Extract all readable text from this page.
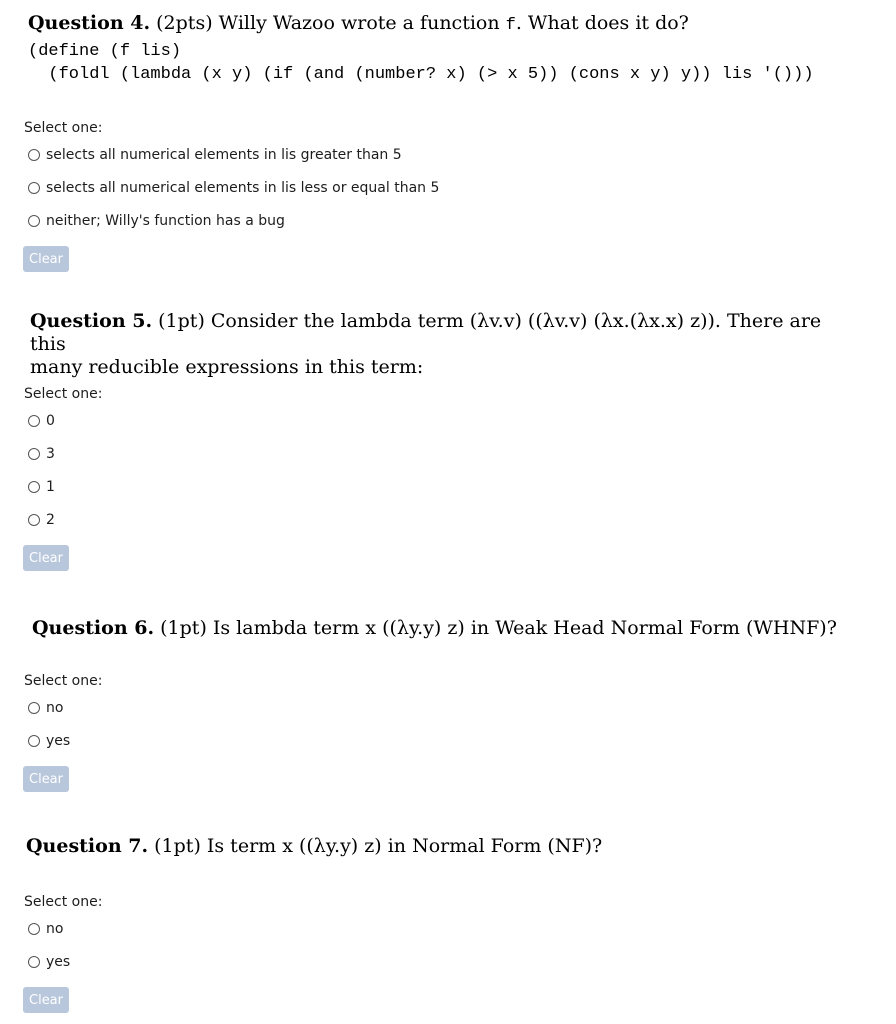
Question 4. (2pts) Willy Wazoo wrote a function f. What does it do?
(define (f lis)
(foldl (lambda (x y) (if (and (number? x) (> x 5)) (cons x y) y)) lis '()))
Select one:
selects all numerical elements in lis greater than 5
selects all numerical elements in lis less or equal than 5
neither; Willy's function has a bug
Clear
Question 5. (1pt) Consider the lambda term (λv.v) ((λv.v) (λx.(λx.x) z)). There are this
many reducible expressions in this term:
Select one:
0
3
1
2
Clear
Question 6. (1pt) Is lambda term x ((λy.y) z) in Weak Head Normal Form (WHNF)?
Select one:
no
yes
Clear
Question 7. (1pt) Is term x ((λy.y) z) in Normal Form (NF)?
Select one:
no
yes
Clear
